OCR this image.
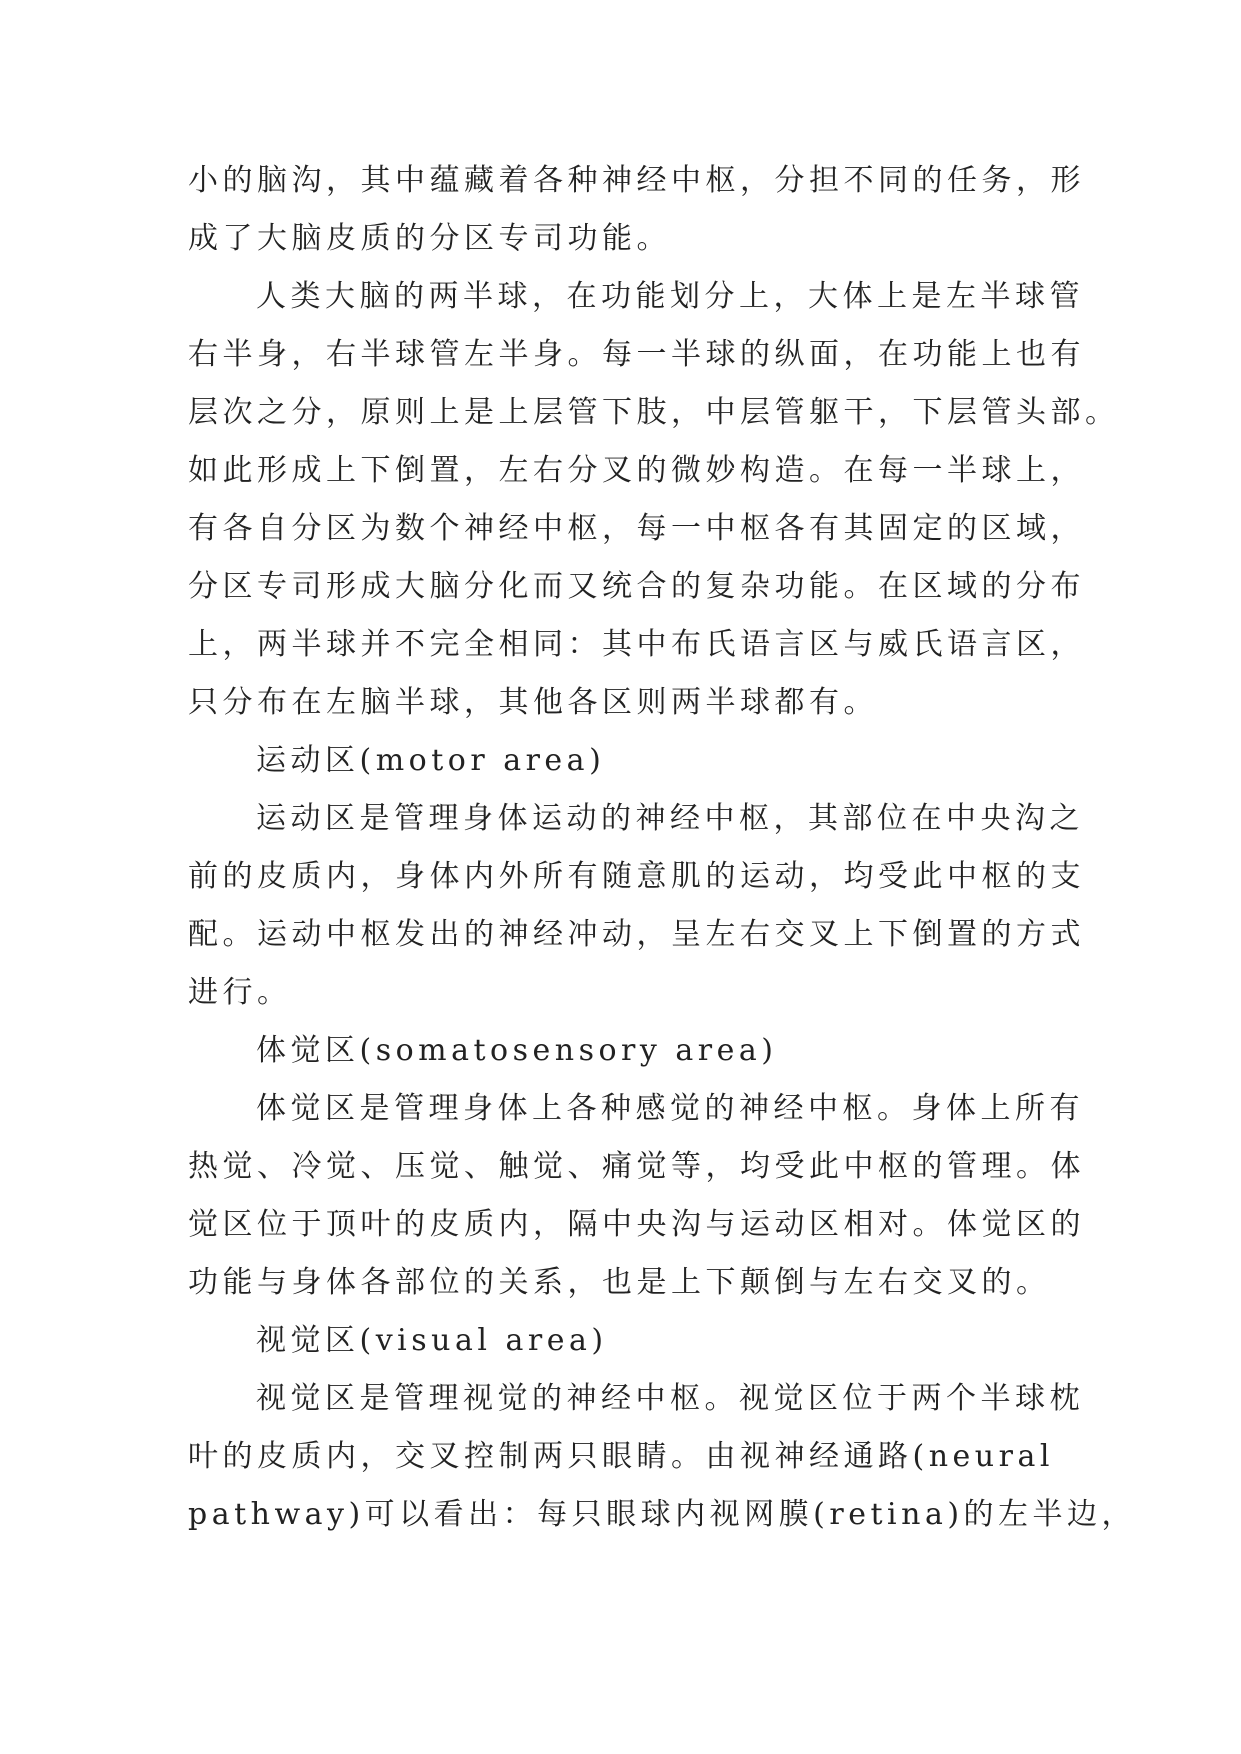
小的脑沟，其中蕴藏着各种神经中枢，分担不同的任务，形
成了大脑皮质的分区专司功能。
人类大脑的两半球，在功能划分上，大体上是左半球管
右半身，右半球管左半身。每一半球的纵面，在功能上也有
层次之分，原则上是上层管下肢，中层管躯干，下层管头部。
如此形成上下倒置，左右分叉的微妙构造。在每一半球上，
有各自分区为数个神经中枢，每一中枢各有其固定的区域，
分区专司形成大脑分化而又统合的复杂功能。在区域的分布
上，两半球并不完全相同：其中布氏语言区与威氏语言区，
只分布在左脑半球，其他各区则两半球都有。
运动区(motor area)
运动区是管理身体运动的神经中枢，其部位在中央沟之
前的皮质内，身体内外所有随意肌的运动，均受此中枢的支
配。运动中枢发出的神经冲动，呈左右交叉上下倒置的方式
进行。
体觉区(somatosensory area)
体觉区是管理身体上各种感觉的神经中枢。身体上所有
热觉、冷觉、压觉、触觉、痛觉等，均受此中枢的管理。体
觉区位于顶叶的皮质内，隔中央沟与运动区相对。体觉区的
功能与身体各部位的关系，也是上下颠倒与左右交叉的。
视觉区(visual area)
视觉区是管理视觉的神经中枢。视觉区位于两个半球枕
叶的皮质内，交叉控制两只眼睛。由视神经通路(neural
pathway)可以看出：每只眼球内视网膜(retina)的左半边，
